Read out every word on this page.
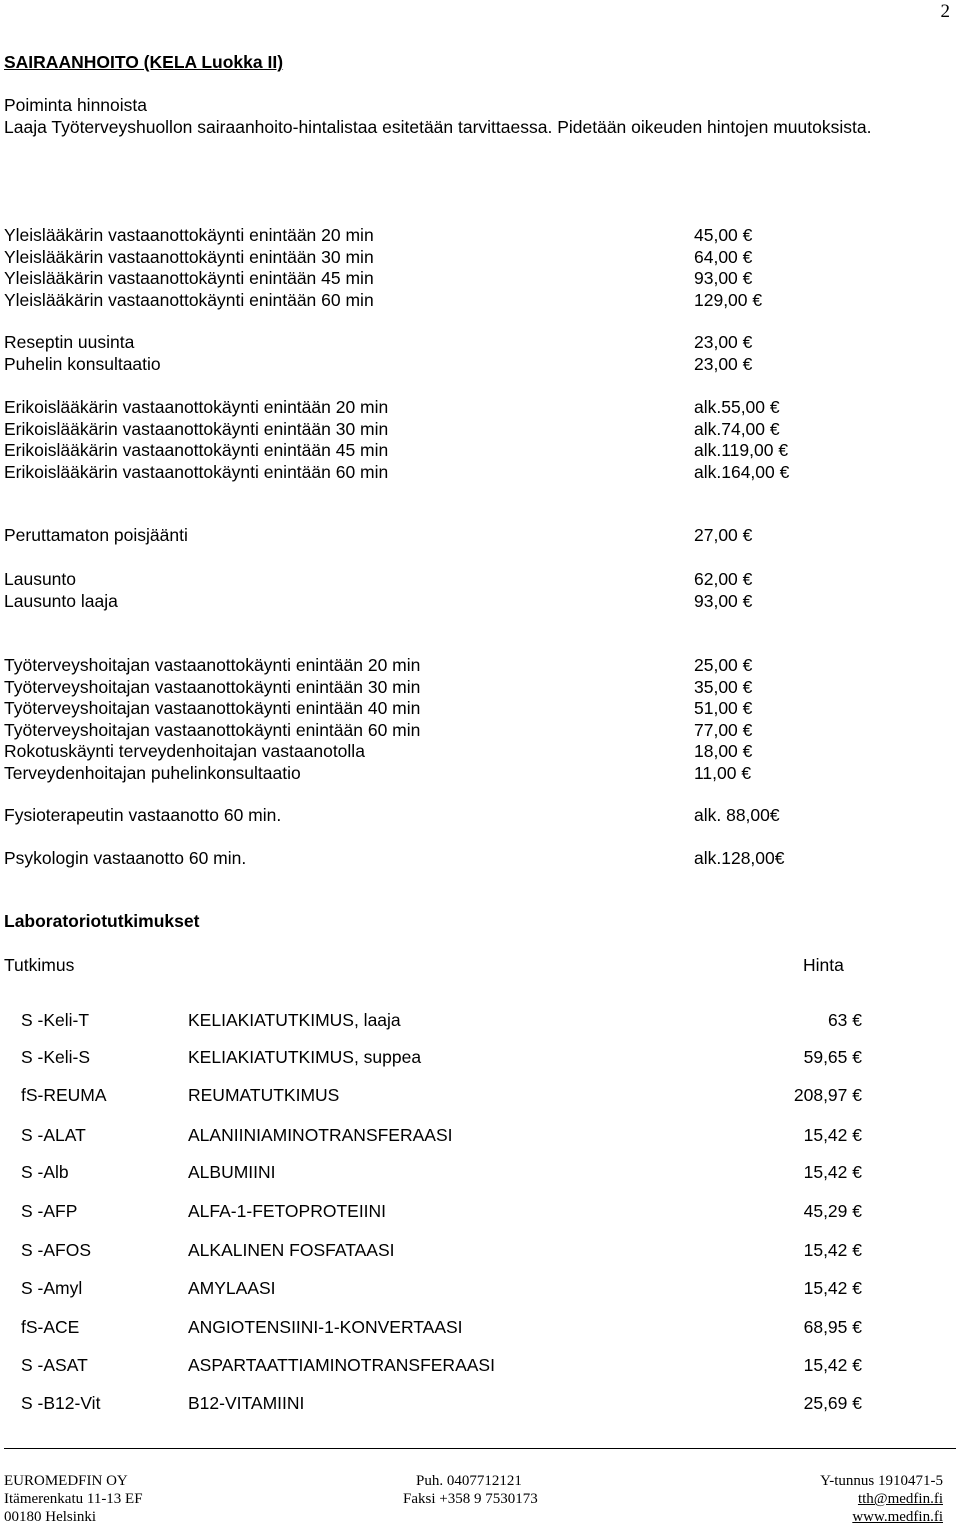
2
SAIRAANHOITO (KELA Luokka II)
Poiminta hinnoista
Laaja Työterveyshuollon sairaanhoito-hintalistaa esitetään tarvittaessa. Pidetään oikeuden hintojen muutoksista.
Yleislääkärin vastaanottokäynti enintään 20 min	45,00 €
Yleislääkärin vastaanottokäynti enintään 30 min	64,00 €
Yleislääkärin vastaanottokäynti enintään 45 min	93,00 €
Yleislääkärin vastaanottokäynti enintään 60 min	129,00 €
Reseptin uusinta	23,00 €
Puhelin konsultaatio	23,00 €
Erikoislääkärin vastaanottokäynti enintään 20 min	alk.55,00 €
Erikoislääkärin vastaanottokäynti enintään 30 min	alk.74,00 €
Erikoislääkärin vastaanottokäynti enintään 45 min	alk.119,00 €
Erikoislääkärin vastaanottokäynti enintään 60 min	alk.164,00 €
Peruttamaton poisjäänti	27,00 €
Lausunto	62,00 €
Lausunto laaja	93,00 €
Työterveyshoitajan vastaanottokäynti enintään 20 min	25,00 €
Työterveyshoitajan vastaanottokäynti enintään 30 min	35,00 €
Työterveyshoitajan vastaanottokäynti enintään 40 min	51,00 €
Työterveyshoitajan vastaanottokäynti enintään 60 min	77,00 €
Rokotuskäynti terveydenhoitajan vastaanotolla	18,00 €
Terveydenhoitajan puhelinkonsultaatio	11,00 €
Fysioterapeutin vastaanotto 60 min.	alk. 88,00€
Psykologin vastaanotto 60 min.	alk.128,00€
Laboratoriotutkimukset
Tutkimus	Hinta
S -Keli-T	KELIAKIATUTKIMUS, laaja	63 €
S -Keli-S	KELIAKIATUTKIMUS, suppea	59,65 €
fS-REUMA	REUMATUTKIMUS	208,97 €
S -ALAT	ALANIINIAMINOTRANSFERAASI	15,42 €
S -Alb	ALBUMIINI	15,42 €
S -AFP	ALFA-1-FETOPROTEIINI	45,29 €
S -AFOS	ALKALINEN FOSFATAASI	15,42 €
S -Amyl	AMYLAASI	15,42 €
fS-ACE	ANGIOTENSIINI-1-KONVERTAASI	68,95 €
S -ASAT	ASPARTAATTIAMINOTRANSFERAASI	15,42 €
S -B12-Vit	B12-VITAMIINI	25,69 €
EUROMEDFIN OY
Itämerenkatu 11-13 EF
00180 Helsinki
Puh. 0407712121
Faksi +358 9 7530173
Y-tunnus 1910471-5
tth@medfin.fi
www.medfin.fi
